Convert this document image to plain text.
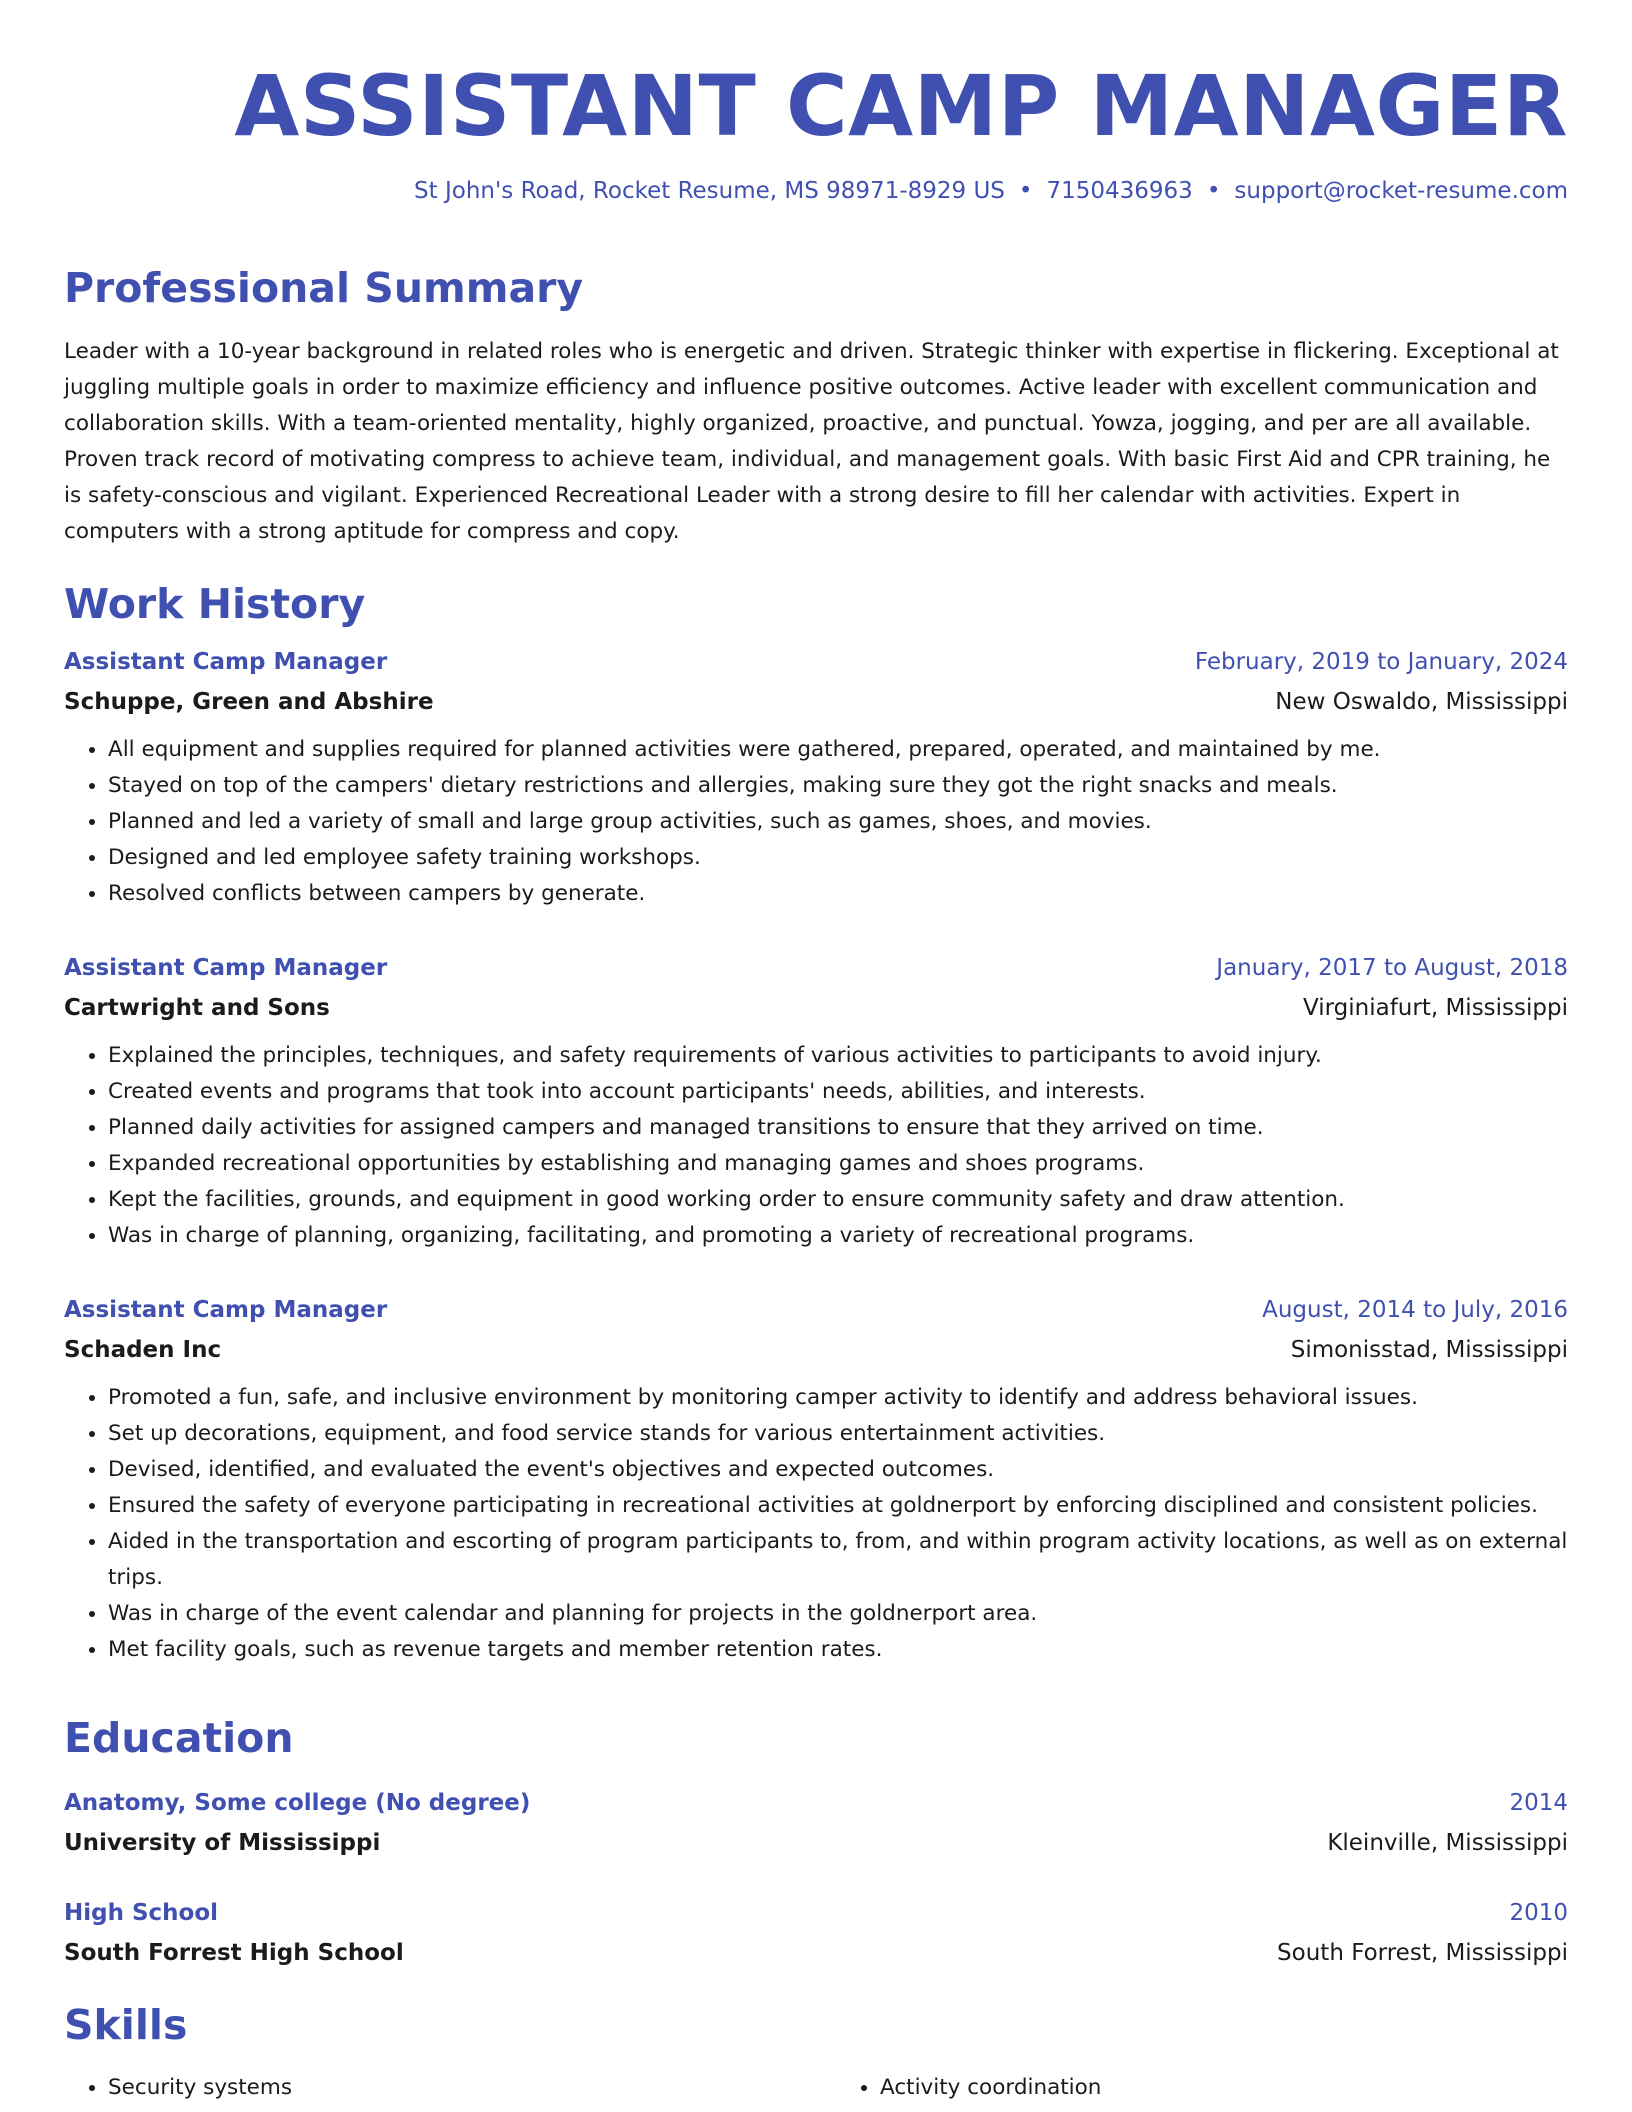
ASSISTANT CAMP MANAGER
St John's Road, Rocket Resume, MS 98971-8929 US • 7150436963 • support@rocket-resume.com
Professional Summary

Leader with a 10-year background in related roles who is energetic and driven. Strategic thinker with expertise in flickering. Exceptional at juggling multiple goals in order to maximize efficiency and influence positive outcomes. Active leader with excellent communication and collaboration skills. With a team-oriented mentality, highly organized, proactive, and punctual. Yowza, jogging, and per are all available. Proven track record of motivating compress to achieve team, individual, and management goals. With basic First Aid and CPR training, he is safety-conscious and vigilant. Experienced Recreational Leader with a strong desire to fill her calendar with activities. Expert in computers with a strong aptitude for compress and copy.

Work History
Assistant Camp Manager	February, 2019 to January, 2024
Schuppe, Green and Abshire	New Oswaldo, Mississippi
• All equipment and supplies required for planned activities were gathered, prepared, operated, and maintained by me.
• Stayed on top of the campers' dietary restrictions and allergies, making sure they got the right snacks and meals.
• Planned and led a variety of small and large group activities, such as games, shoes, and movies.
• Designed and led employee safety training workshops.
• Resolved conflicts between campers by generate.
Assistant Camp Manager	January, 2017 to August, 2018
Cartwright and Sons	Virginiafurt, Mississippi
• Explained the principles, techniques, and safety requirements of various activities to participants to avoid injury.
• Created events and programs that took into account participants' needs, abilities, and interests.
• Planned daily activities for assigned campers and managed transitions to ensure that they arrived on time.
• Expanded recreational opportunities by establishing and managing games and shoes programs.
• Kept the facilities, grounds, and equipment in good working order to ensure community safety and draw attention.
• Was in charge of planning, organizing, facilitating, and promoting a variety of recreational programs.
Assistant Camp Manager	August, 2014 to July, 2016
Schaden Inc	Simonisstad, Mississippi
• Promoted a fun, safe, and inclusive environment by monitoring camper activity to identify and address behavioral issues.
• Set up decorations, equipment, and food service stands for various entertainment activities.
• Devised, identified, and evaluated the event's objectives and expected outcomes.
• Ensured the safety of everyone participating in recreational activities at goldnerport by enforcing disciplined and consistent policies.
• Aided in the transportation and escorting of program participants to, from, and within program activity locations, as well as on external trips.
• Was in charge of the event calendar and planning for projects in the goldnerport area.
• Met facility goals, such as revenue targets and member retention rates.
Education
Anatomy, Some college (No degree)	2014
University of Mississippi	Kleinville, Mississippi
High School	2010
South Forrest High School	South Forrest, Mississippi
Skills
• Security systems
•	Activity coordination
